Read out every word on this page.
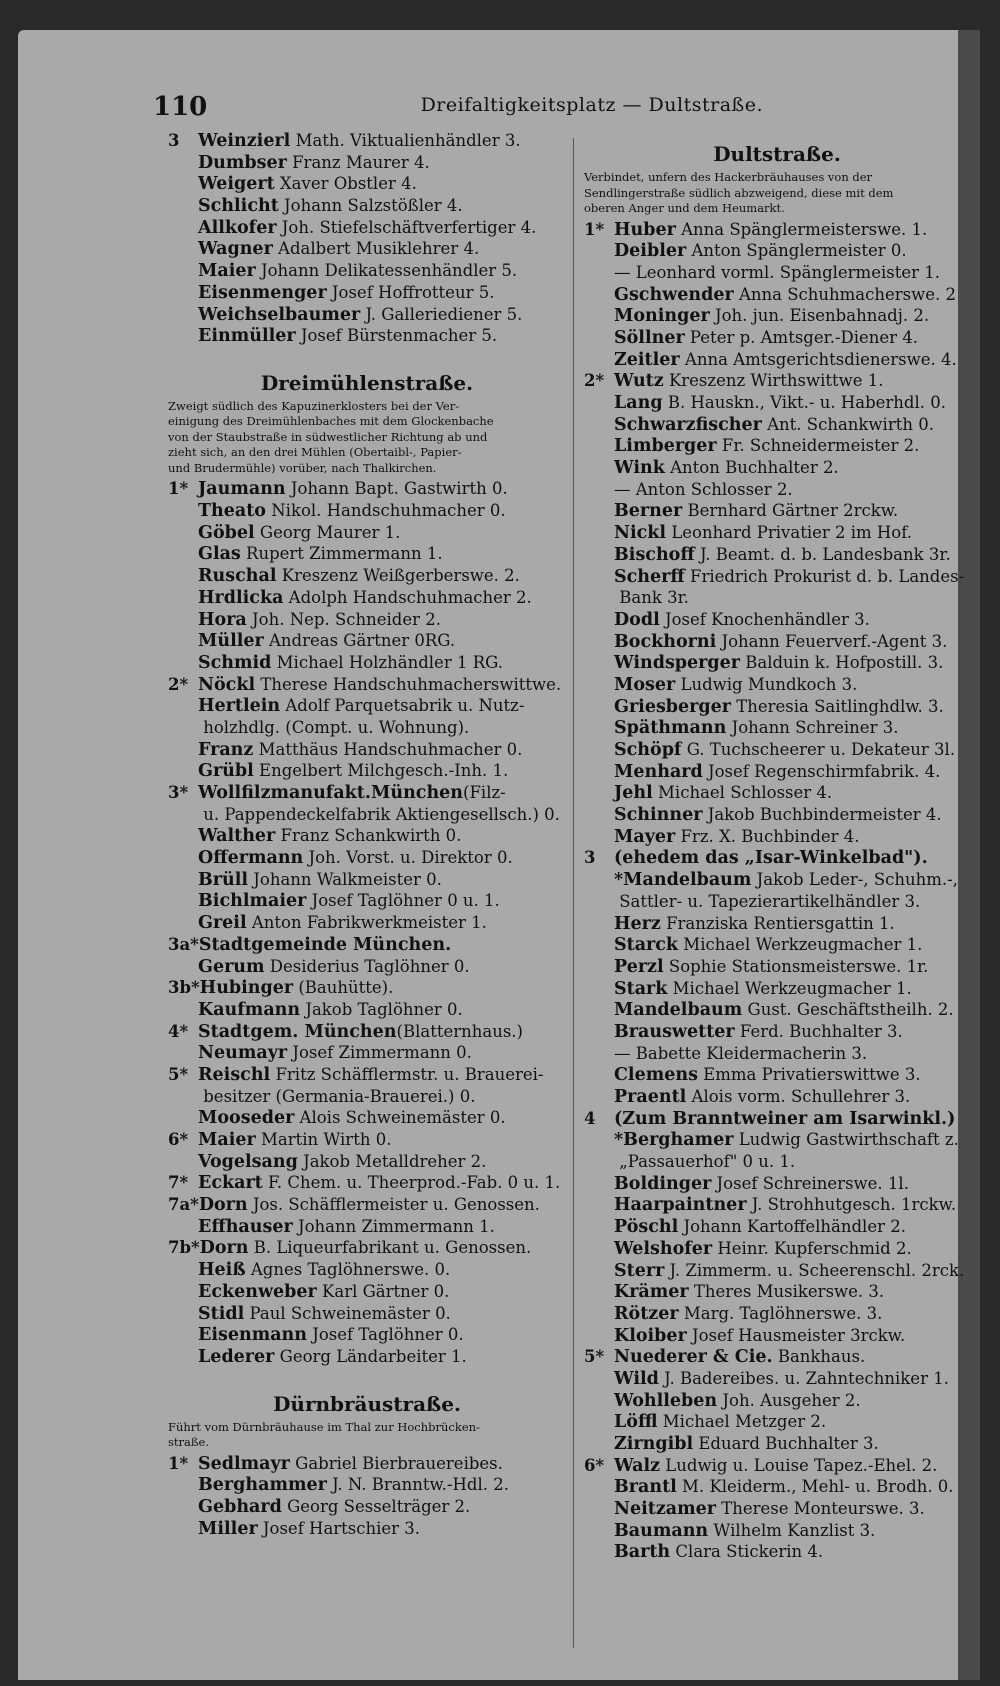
110	Dreifaltigkeitsplatz — Dultstraße.
3 Weinzierl Math. Viktualienhändler 3.
Dumbser Franz Maurer 4.
Weigert Xaver Obstler 4.
Schlicht Johann Salzstößler 4.
Allkofer Joh. Stiefelschäftverfertiger 4.
Wagner Adalbert Musiklehrer 4.
Maier Johann Delikatessenhändler 5.
Eisenmenger Josef Hoffrotteur 5.
Weichselbaumer J. Galleriediener 5.
Einmüller Josef Bürstenmacher 5.
Dreimühlenstraße.
Zweigt südlich des Kapuzinerklosters bei der Ver-
einigung des Dreimühlenbaches mit dem Glockenbache
von der Staubstraße in südwestlicher Richtung ab und
zieht sich, an den drei Mühlen (Obertaibl-, Papier-
und Brudermühle) vorüber, nach Thalkirchen.
1* Jaumann Johann Bapt. Gastwirth 0.
Theato Nikol. Handschuhmacher 0.
Göbel Georg Maurer 1.
Glas Rupert Zimmermann 1.
Ruschal Kreszenz Weißgerberswe. 2.
Hrdlicka Adolph Handschuhmacher 2.
Hora Joh. Nep. Schneider 2.
Müller Andreas Gärtner 0RG.
Schmid Michael Holzhändler 1 RG.
2* Nöckl Therese Handschuhmacherswittwe.
Hertlein Adolf Parquetsabrik u. Nutz-
holzhdlg. (Compt. u. Wohnung).
Franz Matthäus Handschuhmacher 0.
Grübl Engelbert Milchgesch.-Inh. 1.
3* Wollfilzmanufakt.München(Filz-
u. Pappendeckelfabrik Aktiengesellsch.) 0.
Walther Franz Schankwirth 0.
Offermann Joh. Vorst. u. Direktor 0.
Brüll Johann Walkmeister 0.
Bichlmaier Josef Taglöhner 0 u. 1.
Greil Anton Fabrikwerkmeister 1.
3a*Stadtgemeinde München.
Gerum Desiderius Taglöhner 0.
3b*Hubinger (Bauhütte).
Kaufmann Jakob Taglöhner 0.
4* Stadtgem. München(Blatternhaus.)
Neumayr Josef Zimmermann 0.
5* Reischl Fritz Schäfflermstr. u. Brauerei-
besitzer (Germania-Brauerei.) 0.
Mooseder Alois Schweinemäster 0.
6* Maier Martin Wirth 0.
Vogelsang Jakob Metalldreher 2.
7* Eckart F. Chem. u. Theerprod.-Fab. 0 u. 1.
7a*Dorn Jos. Schäfflermeister u. Genossen.
Effhauser Johann Zimmermann 1.
7b*Dorn B. Liqueurfabrikant u. Genossen.
Heiß Agnes Taglöhnerswe. 0.
Eckenweber Karl Gärtner 0.
Stidl Paul Schweinemäster 0.
Eisenmann Josef Taglöhner 0.
Lederer Georg Ländarbeiter 1.
Dürnbräustraße.
Führt vom Dürnbräuhause im Thal zur Hochbrücken-
straße.
1* Sedlmayr Gabriel Bierbrauereibes.
Berghammer J. N. Branntw.-Hdl. 2.
Gebhard Georg Sesselträger 2.
Miller Josef Hartschier 3.
Dultstraße.
Verbindet, unfern des Hackerbräuhauses von der
Sendlingerstraße südlich abzweigend, diese mit dem
oberen Anger und dem Heumarkt.
1* Huber Anna Spänglermeisterswe. 1.
Deibler Anton Spänglermeister 0.
— Leonhard vorml. Spänglermeister 1.
Gschwender Anna Schuhmacherswe. 2
Moninger Joh. jun. Eisenbahnadj. 2.
Söllner Peter p. Amtsger.-Diener 4.
Zeitler Anna Amtsgerichtsdienerswe. 4.
2* Wutz Kreszenz Wirthswittwe 1.
Lang B. Hauskn., Vikt.- u. Haberhdl. 0.
Schwarzfischer Ant. Schankwirth 0.
Limberger Fr. Schneidermeister 2.
Wink Anton Buchhalter 2.
— Anton Schlosser 2.
Berner Bernhard Gärtner 2rckw.
Nickl Leonhard Privatier 2 im Hof.
Bischoff J. Beamt. d. b. Landesbank 3r.
Scherff Friedrich Prokurist d. b. Landes-
Bank 3r.
Dodl Josef Knochenhändler 3.
Bockhorni Johann Feuerverf.-Agent 3.
Windsperger Balduin k. Hofpostill. 3.
Moser Ludwig Mundkoch 3.
Griesberger Theresia Saitlinghdlw. 3.
Späthmann Johann Schreiner 3.
Schöpf G. Tuchscheerer u. Dekateur 3l.
Menhard Josef Regenschirmfabrik. 4.
Jehl Michael Schlosser 4.
Schinner Jakob Buchbindermeister 4.
Mayer Frz. X. Buchbinder 4.
3 (ehedem das „Isar-Winkelbad").
*Mandelbaum Jakob Leder-, Schuhm.-,
Sattler- u. Tapezierartikelhändler 3.
Herz Franziska Rentiersgattin 1.
Starck Michael Werkzeugmacher 1.
Perzl Sophie Stationsmeisterswe. 1r.
Stark Michael Werkzeugmacher 1.
Mandelbaum Gust. Geschäftstheilh. 2.
Brauswetter Ferd. Buchhalter 3.
— Babette Kleidermacherin 3.
Clemens Emma Privatierswittwe 3.
Praentl Alois vorm. Schullehrer 3.
4 (Zum Branntweiner am Isarwinkl.)
*Berghamer Ludwig Gastwirthschaft z.
„Passauerhof" 0 u. 1.
Boldinger Josef Schreinerswe. 1l.
Haarpaintner J. Strohhutgesch. 1rckw.
Pöschl Johann Kartoffelhändler 2.
Welshofer Heinr. Kupferschmid 2.
Sterr J. Zimmerm. u. Scheerenschl. 2rck.
Krämer Theres Musikerswe. 3.
Rötzer Marg. Taglöhnerswe. 3.
Kloiber Josef Hausmeister 3rckw.
5* Nuederer & Cie. Bankhaus.
Wild J. Badereibes. u. Zahntechniker 1.
Wohlleben Joh. Ausgeher 2.
Löffl Michael Metzger 2.
Zirngibl Eduard Buchhalter 3.
6* Walz Ludwig u. Louise Tapez.-Ehel. 2.
Brantl M. Kleiderm., Mehl- u. Brodh. 0.
Neitzamer Therese Monteurswe. 3.
Baumann Wilhelm Kanzlist 3.
Barth Clara Stickerin 4.
